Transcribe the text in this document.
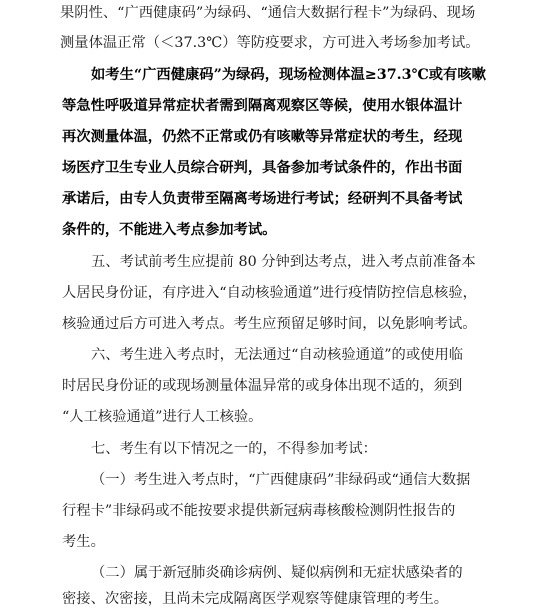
果阴性、“广西健康码”为绿码、“通信大数据行程卡”为绿码、现场
测量体温正常（＜37.3℃）等防疫要求，方可进入考场参加考试。
如考生“广西健康码”为绿码，现场检测体温≥37.3℃或有咳嗽
等急性呼吸道异常症状者需到隔离观察区等候，使用水银体温计
再次测量体温，仍然不正常或仍有咳嗽等异常症状的考生，经现
场医疗卫生专业人员综合研判，具备参加考试条件的，作出书面
承诺后，由专人负责带至隔离考场进行考试；经研判不具备考试
条件的，不能进入考点参加考试。
五、考试前考生应提前 80 分钟到达考点，进入考点前准备本
人居民身份证，有序进入“自动核验通道”进行疫情防控信息核验，
核验通过后方可进入考点。考生应预留足够时间，以免影响考试。
六、考生进入考点时，无法通过“自动核验通道”的或使用临
时居民身份证的或现场测量体温异常的或身体出现不适的，须到
“人工核验通道”进行人工核验。
七、考生有以下情况之一的，不得参加考试：
（一）考生进入考点时，“广西健康码”非绿码或“通信大数据
行程卡”非绿码或不能按要求提供新冠病毒核酸检测阴性报告的
考生。
（二）属于新冠肺炎确诊病例、疑似病例和无症状感染者的
密接、次密接，且尚未完成隔离医学观察等健康管理的考生。
